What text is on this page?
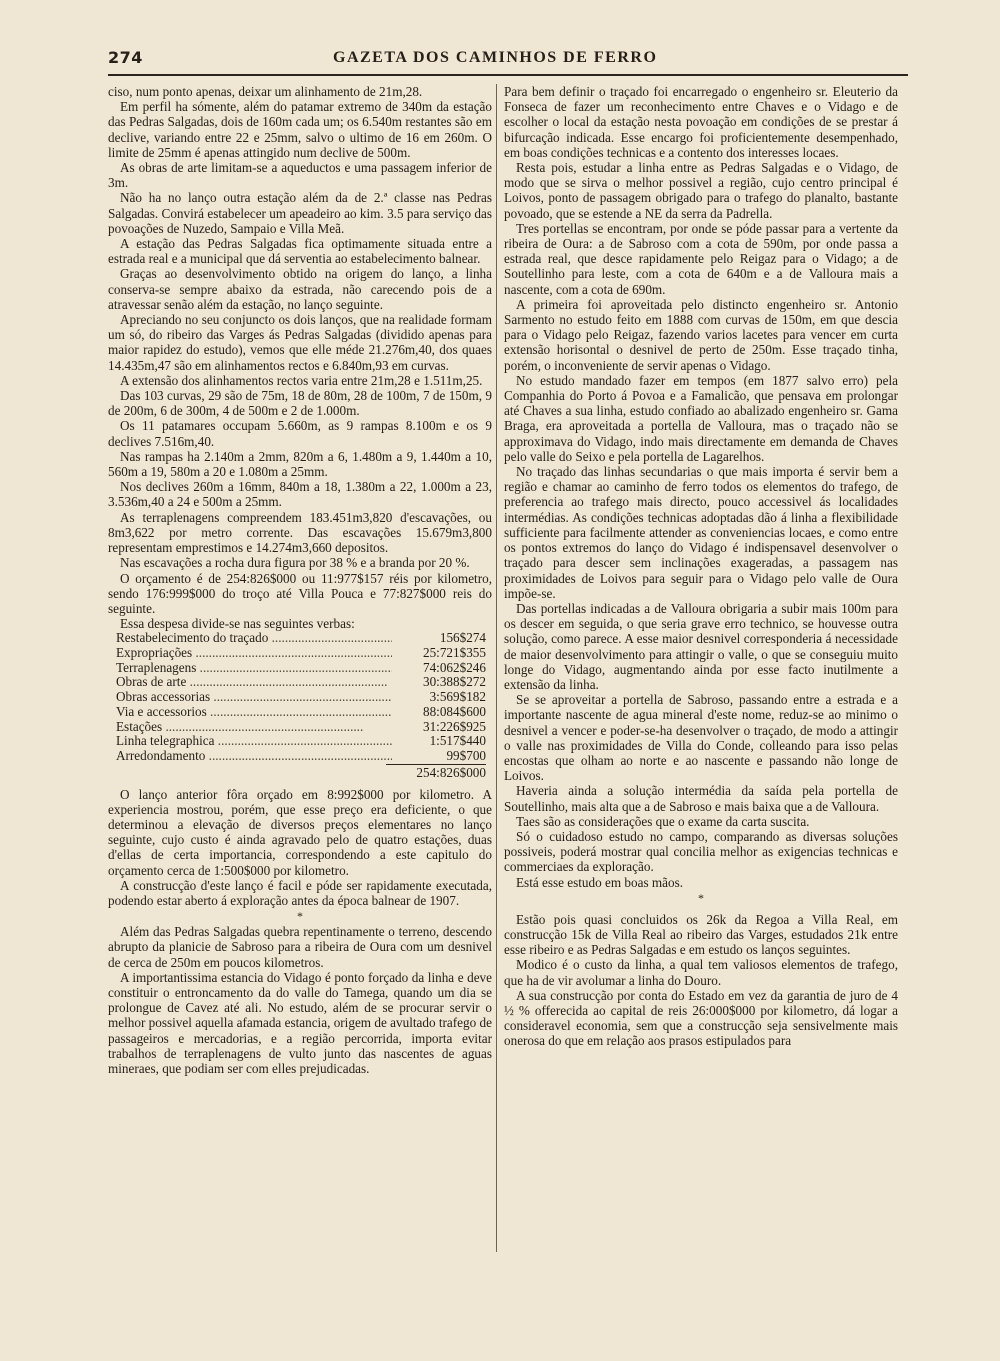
274	GAZETA DOS CAMINHOS DE FERRO

ciso, num ponto apenas, deixar um alinhamento de 21m,28.

Em perfil ha sómente, além do patamar extremo de 340m da estação das Pedras Salgadas, dois de 160m cada um; os 6.540m restantes são em declive, variando entre 22 e 25mm, salvo o ultimo de 16 em 260m. O limite de 25mm é apenas attingido num declive de 500m.

As obras de arte limitam-se a aqueductos e uma passagem inferior de 3m.

Não ha no lanço outra estação além da de 2.ª classe nas Pedras Salgadas. Convirá estabelecer um apeadeiro ao kim. 3.5 para serviço das povoações de Nuzedo, Sampaio e Villa Meã.

A estação das Pedras Salgadas fica optimamente situada entre a estrada real e a municipal que dá serventia ao estabelecimento balnear.

Graças ao desenvolvimento obtido na origem do lanço, a linha conserva-se sempre abaixo da estrada, não carecendo pois de a atravessar senão além da estação, no lanço seguinte.

Apreciando no seu conjuncto os dois lanços, que na realidade formam um só, do ribeiro das Varges ás Pedras Salgadas (dividido apenas para maior rapidez do estudo), vemos que elle méde 21.276m,40, dos quaes 14.435m,47 são em alinhamentos rectos e 6.840m,93 em curvas.

A extensão dos alinhamentos rectos varia entre 21m,28 e 1.511m,25.

Das 103 curvas, 29 são de 75m, 18 de 80m, 28 de 100m, 7 de 150m, 9 de 200m, 6 de 300m, 4 de 500m e 2 de 1.000m.

Os 11 patamares occupam 5.660m, as 9 rampas 8.100m e os 9 declives 7.516m,40.

Nas rampas ha 2.140m a 2mm, 820m a 6, 1.480m a 9, 1.440m a 10, 560m a 19, 580m a 20 e 1.080m a 25mm.

Nos declives 260m a 16mm, 840m a 18, 1.380m a 22, 1.000m a 23, 3.536m,40 a 24 e 500m a 25mm.

As terraplenagens compreendem 183.451m3,820 d'escavações, ou 8m3,622 por metro corrente. Das escavações 15.679m3,800 representam emprestimos e 14.274m3,660 depositos.

Nas escavações a rocha dura figura por 38 % e a branda por 20 %.

O orçamento é de 254:826$000 ou 11:977$157 réis por kilometro, sendo 176:999$000 do troço até Villa Pouca e 77:827$000 reis do seguinte.

Essa despesa divide-se nas seguintes verbas:

Restabelecimento do traçado .....	156$274
Expropriações .....	25:721$355
Terraplenagens .....	74:062$246
Obras de arte .....	30:388$272
Obras accessorias .....	3:569$182
Via e accessorios .....	88:084$600
Estações .....	31:226$925
Linha telegraphica .....	1:517$440
Arredondamento .....	99$700
254:826$000

O lanço anterior fôra orçado em 8:992$000 por kilometro. A experiencia mostrou, porém, que esse preço era deficiente, o que determinou a elevação de diversos preços elementares no lanço seguinte, cujo custo é ainda agravado pelo de quatro estações, duas d'ellas de certa importancia, correspondendo a este capitulo do orçamento cerca de 1:500$000 por kilometro.

A construcção d'este lanço é facil e póde ser rapidamente executada, podendo estar aberto á exploração antes da época balnear de 1907.

*

Além das Pedras Salgadas quebra repentinamente o terreno, descendo abrupto da planicie de Sabroso para a ribeira de Oura com um desnivel de cerca de 250m em poucos kilometros.

A importantissima estancia do Vidago é ponto forçado da linha e deve constituir o entroncamento da do valle do Tamega, quando um dia se prolongue de Cavez até ali. No estudo, além de se procurar servir o melhor possivel aquella afamada estancia, origem de avultado trafego de passageiros e mercadorias, e a região percorrida, importa evitar trabalhos de terraplenagens de vulto junto das nascentes de aguas mineraes, que podiam ser com elles prejudicadas.

Para bem definir o traçado foi encarregado o engenheiro sr. Eleuterio da Fonseca de fazer um reconhecimento entre Chaves e o Vidago e de escolher o local da estação nesta povoação em condições de se prestar á bifurcação indicada. Esse encargo foi proficientemente desempenhado, em boas condições technicas e a contento dos interesses locaes.

Resta pois, estudar a linha entre as Pedras Salgadas e o Vidago, de modo que se sirva o melhor possivel a região, cujo centro principal é Loivos, ponto de passagem obrigado para o trafego do planalto, bastante povoado, que se estende a NE da serra da Padrella.

Tres portellas se encontram, por onde se póde passar para a vertente da ribeira de Oura: a de Sabroso com a cota de 590m, por onde passa a estrada real, que desce rapidamente pelo Reigaz para o Vidago; a de Soutellinho para leste, com a cota de 640m e a de Valloura mais a nascente, com a cota de 690m.

A primeira foi aproveitada pelo distincto engenheiro sr. Antonio Sarmento no estudo feito em 1888 com curvas de 150m, em que descia para o Vidago pelo Reigaz, fazendo varios lacetes para vencer em curta extensão horisontal o desnivel de perto de 250m. Esse traçado tinha, porém, o inconveniente de servir apenas o Vidago.

No estudo mandado fazer em tempos (em 1877 salvo erro) pela Companhia do Porto á Povoa e a Famalicão, que pensava em prolongar até Chaves a sua linha, estudo confiado ao abalizado engenheiro sr. Gama Braga, era aproveitada a portella de Valloura, mas o traçado não se approximava do Vidago, indo mais directamente em demanda de Chaves pelo valle do Seixo e pela portella de Lagarelhos.

No traçado das linhas secundarias o que mais importa é servir bem a região e chamar ao caminho de ferro todos os elementos do trafego, de preferencia ao trafego mais directo, pouco accessivel ás localidades intermédias. As condições technicas adoptadas dão á linha a flexibilidade sufficiente para facilmente attender as conveniencias locaes, e como entre os pontos extremos do lanço do Vidago é indispensavel desenvolver o traçado para descer sem inclinações exageradas, a passagem nas proximidades de Loivos para seguir para o Vidago pelo valle de Oura impõe-se.

Das portellas indicadas a de Valloura obrigaria a subir mais 100m para os descer em seguida, o que seria grave erro technico, se houvesse outra solução, como parece. A esse maior desnivel corresponderia á necessidade de maior desenvolvimento para attingir o valle, o que se conseguiu muito longe do Vidago, augmentando ainda por esse facto inutilmente a extensão da linha.

Se se aproveitar a portella de Sabroso, passando entre a estrada e a importante nascente de agua mineral d'este nome, reduz-se ao minimo o desnivel a vencer e poder-se-ha desenvolver o traçado, de modo a attingir o valle nas proximidades de Villa do Conde, colleando para isso pelas encostas que olham ao norte e ao nascente e passando não longe de Loivos.

Haveria ainda a solução intermédia da saída pela portella de Soutellinho, mais alta que a de Sabroso e mais baixa que a de Valloura.

Taes são as considerações que o exame da carta suscita.

Só o cuidadoso estudo no campo, comparando as diversas soluções possiveis, poderá mostrar qual concilia melhor as exigencias technicas e commerciaes da exploração.

Está esse estudo em boas mãos.

*

Estão pois quasi concluidos os 26k da Regoa a Villa Real, em construcção 15k de Villa Real ao ribeiro das Varges, estudados 21k entre esse ribeiro e as Pedras Salgadas e em estudo os lanços seguintes.

Modico é o custo da linha, a qual tem valiosos elementos de trafego, que ha de vir avolumar a linha do Douro.

A sua construcção por conta do Estado em vez da garantia de juro de 4 ½ % offerecida ao capital de reis 26:000$000 por kilometro, dá logar a consideravel economia, sem que a construcção seja sensivelmente mais onerosa do que em relação aos prasos estipulados para
